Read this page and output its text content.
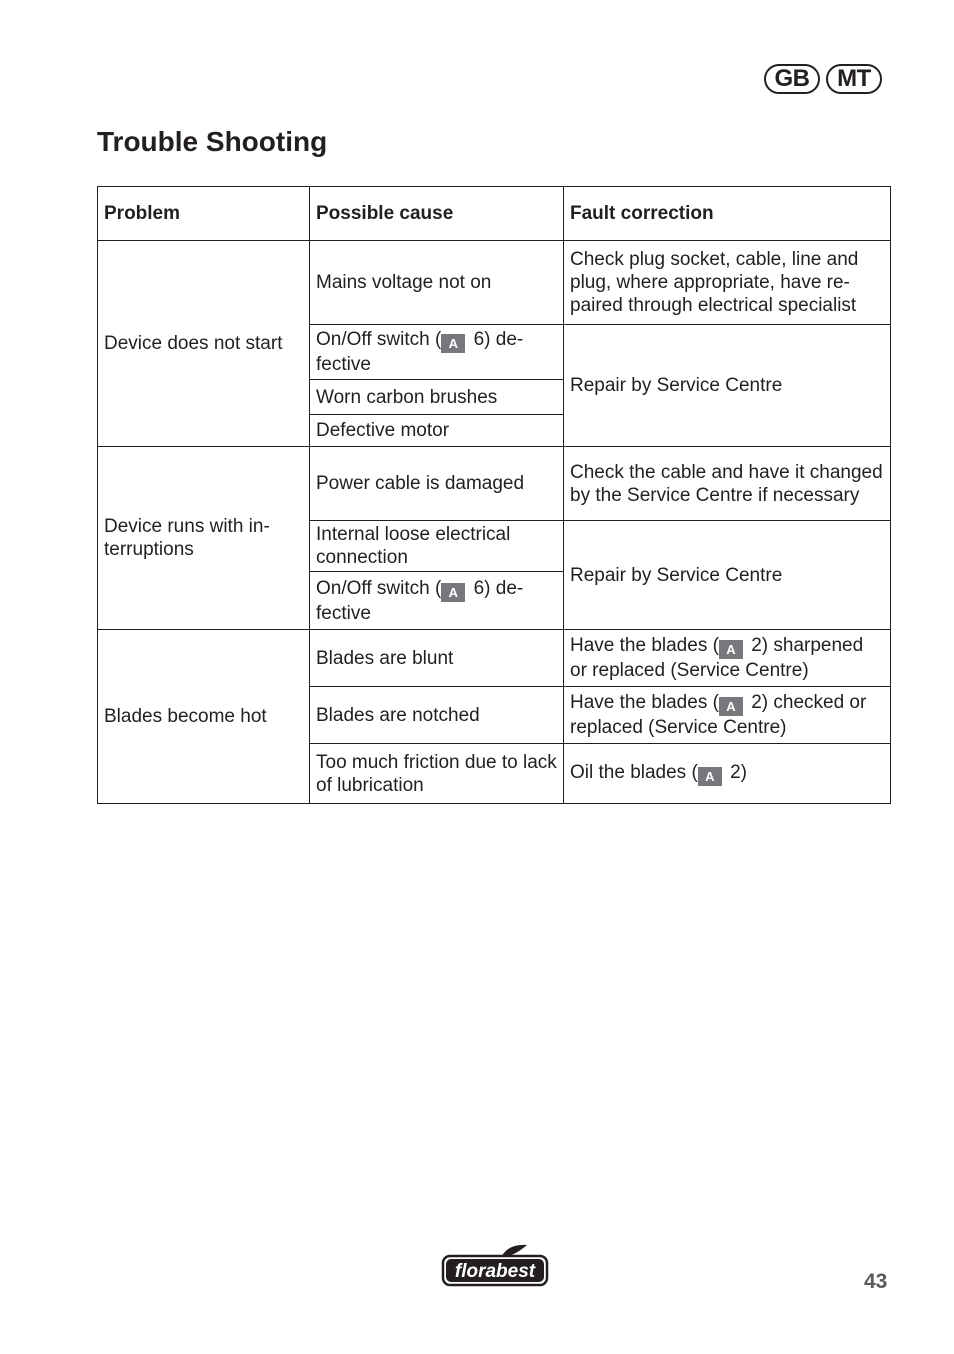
GB	MT
Trouble Shooting
Problem	Possible cause	Fault correction
Device does not start	Mains voltage not on	Check plug socket, cable, line and plug, where appropriate, have re-paired through electrical specialist
	On/Off switch ( A 6) de-fective	Repair by Service Centre
	Worn carbon brushes	
	Defective motor	
Device runs with in-terruptions	Power cable is damaged	Check the cable and have it changed by the Service Centre if necessary
	Internal loose electrical connection	Repair by Service Centre
	On/Off switch ( A 6) de-fective	
Blades become hot	Blades are blunt	Have the blades ( A 2) sharpened or replaced (Service Centre)
	Blades are notched	Have the blades ( A 2) checked or replaced (Service Centre)
	Too much friction due to lack of lubrication	Oil the blades ( A 2)
florabest	43
